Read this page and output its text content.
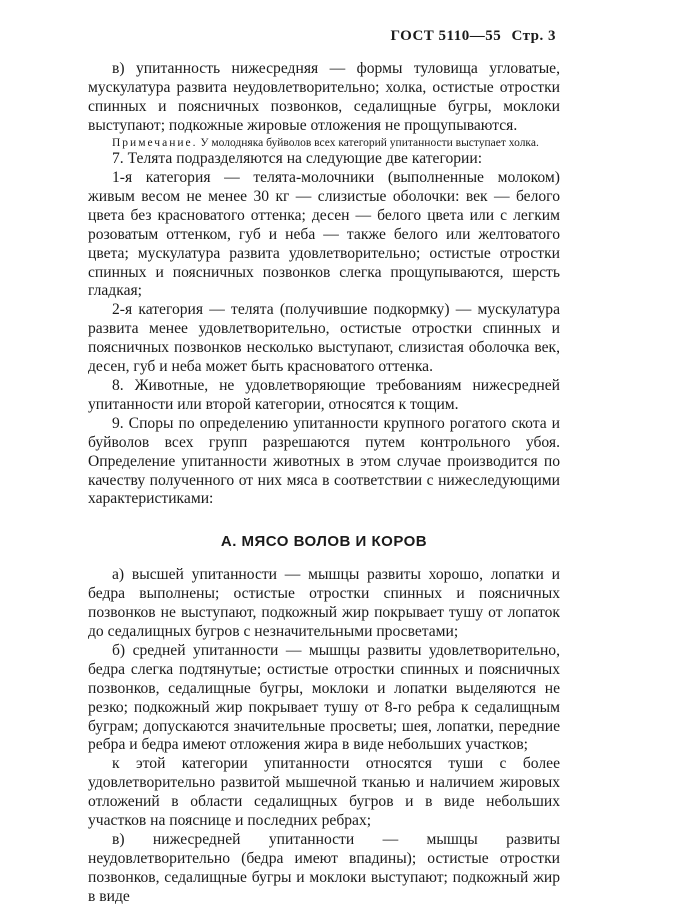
ГОСТ 5110—55 Стр. 3

в) упитанность нижесредняя — формы туловища угловатые, мускулатура развита неудовлетворительно; холка, остистые отростки спинных и поясничных позвонков, седалищные бугры, моклоки выступают; подкожные жировые отложения не прощупываются.

Примечание. У молодняка буйволов всех категорий упитанности выступает холка.

7. Телята подразделяются на следующие две категории:

1-я категория — телята-молочники (выполненные молоком) живым весом не менее 30 кг — слизистые оболочки: век — белого цвета без красноватого оттенка; десен — белого цвета или с легким розоватым оттенком, губ и неба — также белого или желтоватого цвета; мускулатура развита удовлетворительно; остистые отростки спинных и поясничных позвонков слегка прощупываются, шерсть гладкая;

2-я категория — телята (получившие подкормку) — мускулатура развита менее удовлетворительно, остистые отростки спинных и поясничных позвонков несколько выступают, слизистая оболочка век, десен, губ и неба может быть красноватого оттенка.

8. Животные, не удовлетворяющие требованиям нижесредней упитанности или второй категории, относятся к тощим.

9. Споры по определению упитанности крупного рогатого скота и буйволов всех групп разрешаются путем контрольного убоя. Определение упитанности животных в этом случае производится по качеству полученного от них мяса в соответствии с нижеследующими характеристиками:

А. МЯСО ВОЛОВ И КОРОВ

а) высшей упитанности — мышцы развиты хорошо, лопатки и бедра выполнены; остистые отростки спинных и поясничных позвонков не выступают, подкожный жир покрывает тушу от лопаток до седалищных бугров с незначительными просветами;

б) средней упитанности — мышцы развиты удовлетворительно, бедра слегка подтянутые; остистые отростки спинных и поясничных позвонков, седалищные бугры, моклоки и лопатки выделяются не резко; подкожный жир покрывает тушу от 8-го ребра к седалищным буграм; допускаются значительные просветы; шея, лопатки, передние ребра и бедра имеют отложения жира в виде небольших участков;

к этой категории упитанности относятся туши с более удовлетворительно развитой мышечной тканью и наличием жировых отложений в области седалищных бугров и в виде небольших участков на пояснице и последних ребрах;

в) нижесредней упитанности — мышцы развиты неудовлетворительно (бедра имеют впадины); остистые отростки позвонков, седалищные бугры и моклоки выступают; подкожный жир в виде
